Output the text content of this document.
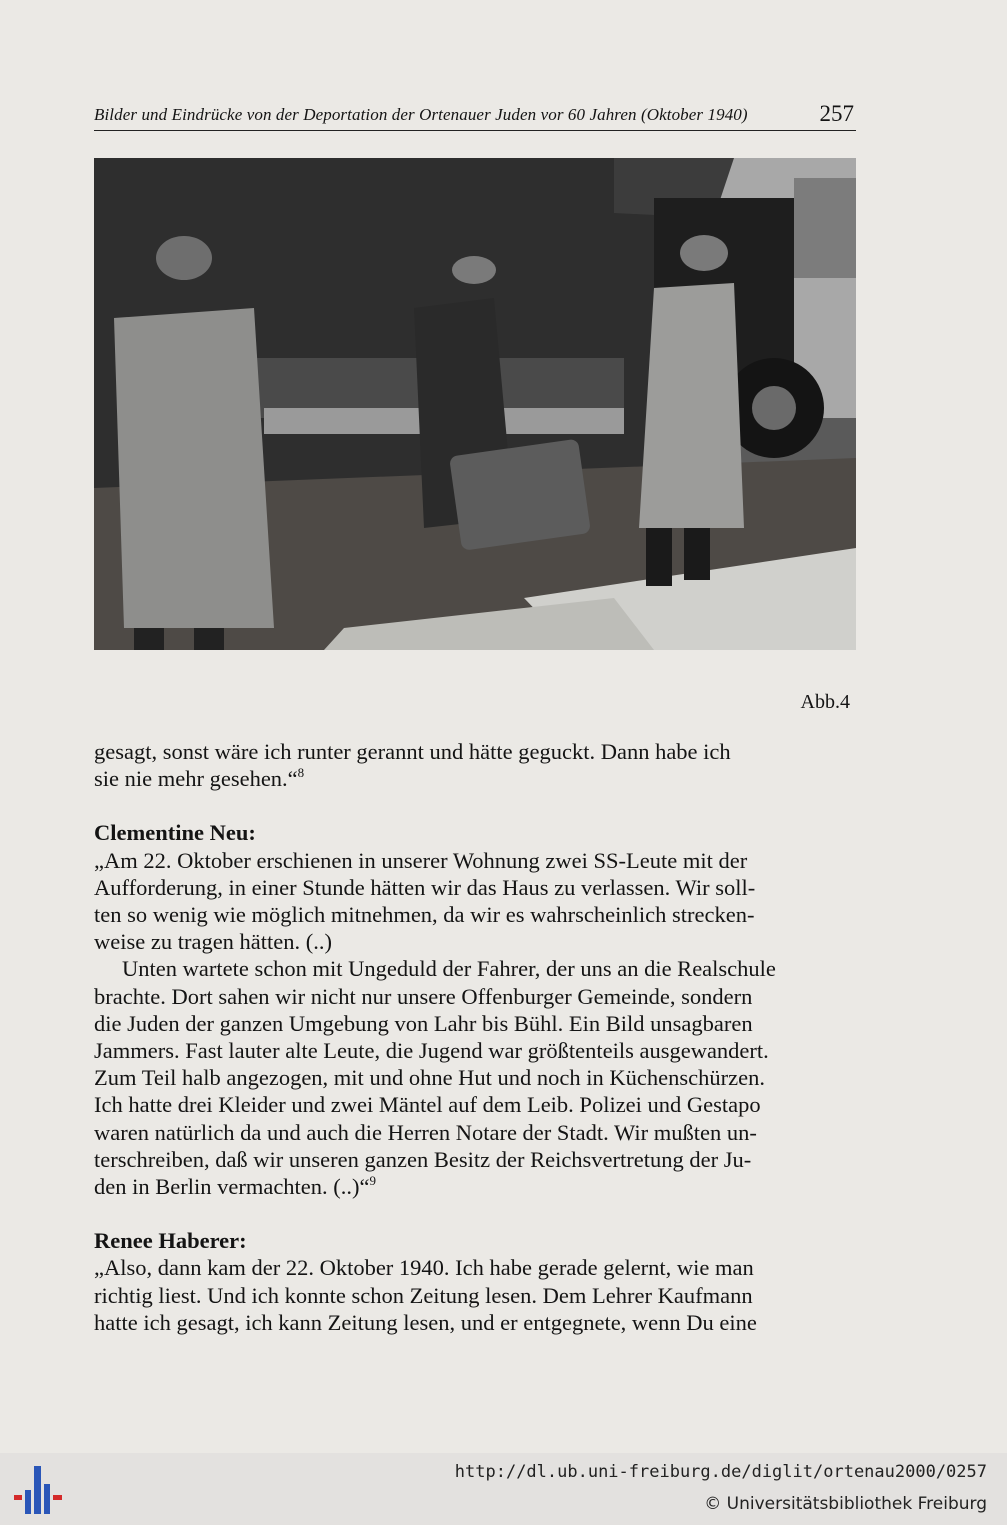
Bilder und Eindrücke von der Deportation der Ortenauer Juden vor 60 Jahren (Oktober 1940)	257
Abb.4
gesagt, sonst wäre ich runter gerannt und hätte geguckt. Dann habe ich
sie nie mehr gesehen.“$^8$
Clementine Neu:
„Am 22. Oktober erschienen in unserer Wohnung zwei SS-Leute mit der
Aufforderung, in einer Stunde hätten wir das Haus zu verlassen. Wir soll-
ten so wenig wie möglich mitnehmen, da wir es wahrscheinlich strecken-
weise zu tragen hätten. (..)
Unten wartete schon mit Ungeduld der Fahrer, der uns an die Realschule
brachte. Dort sahen wir nicht nur unsere Offenburger Gemeinde, sondern
die Juden der ganzen Umgebung von Lahr bis Bühl. Ein Bild unsagbaren
Jammers. Fast lauter alte Leute, die Jugend war größtenteils ausgewandert.
Zum Teil halb angezogen, mit und ohne Hut und noch in Küchenschürzen.
Ich hatte drei Kleider und zwei Mäntel auf dem Leib. Polizei und Gestapo
waren natürlich da und auch die Herren Notare der Stadt. Wir mußten un-
terschreiben, daß wir unseren ganzen Besitz der Reichsvertretung der Ju-
den in Berlin vermachten. (..)“$^9$
Renee Haberer:
„Also, dann kam der 22. Oktober 1940. Ich habe gerade gelernt, wie man
richtig liest. Und ich konnte schon Zeitung lesen. Dem Lehrer Kaufmann
hatte ich gesagt, ich kann Zeitung lesen, und er entgegnete, wenn Du eine
http://dl.ub.uni-freiburg.de/diglit/ortenau2000/0257
© Universitätsbibliothek Freiburg
